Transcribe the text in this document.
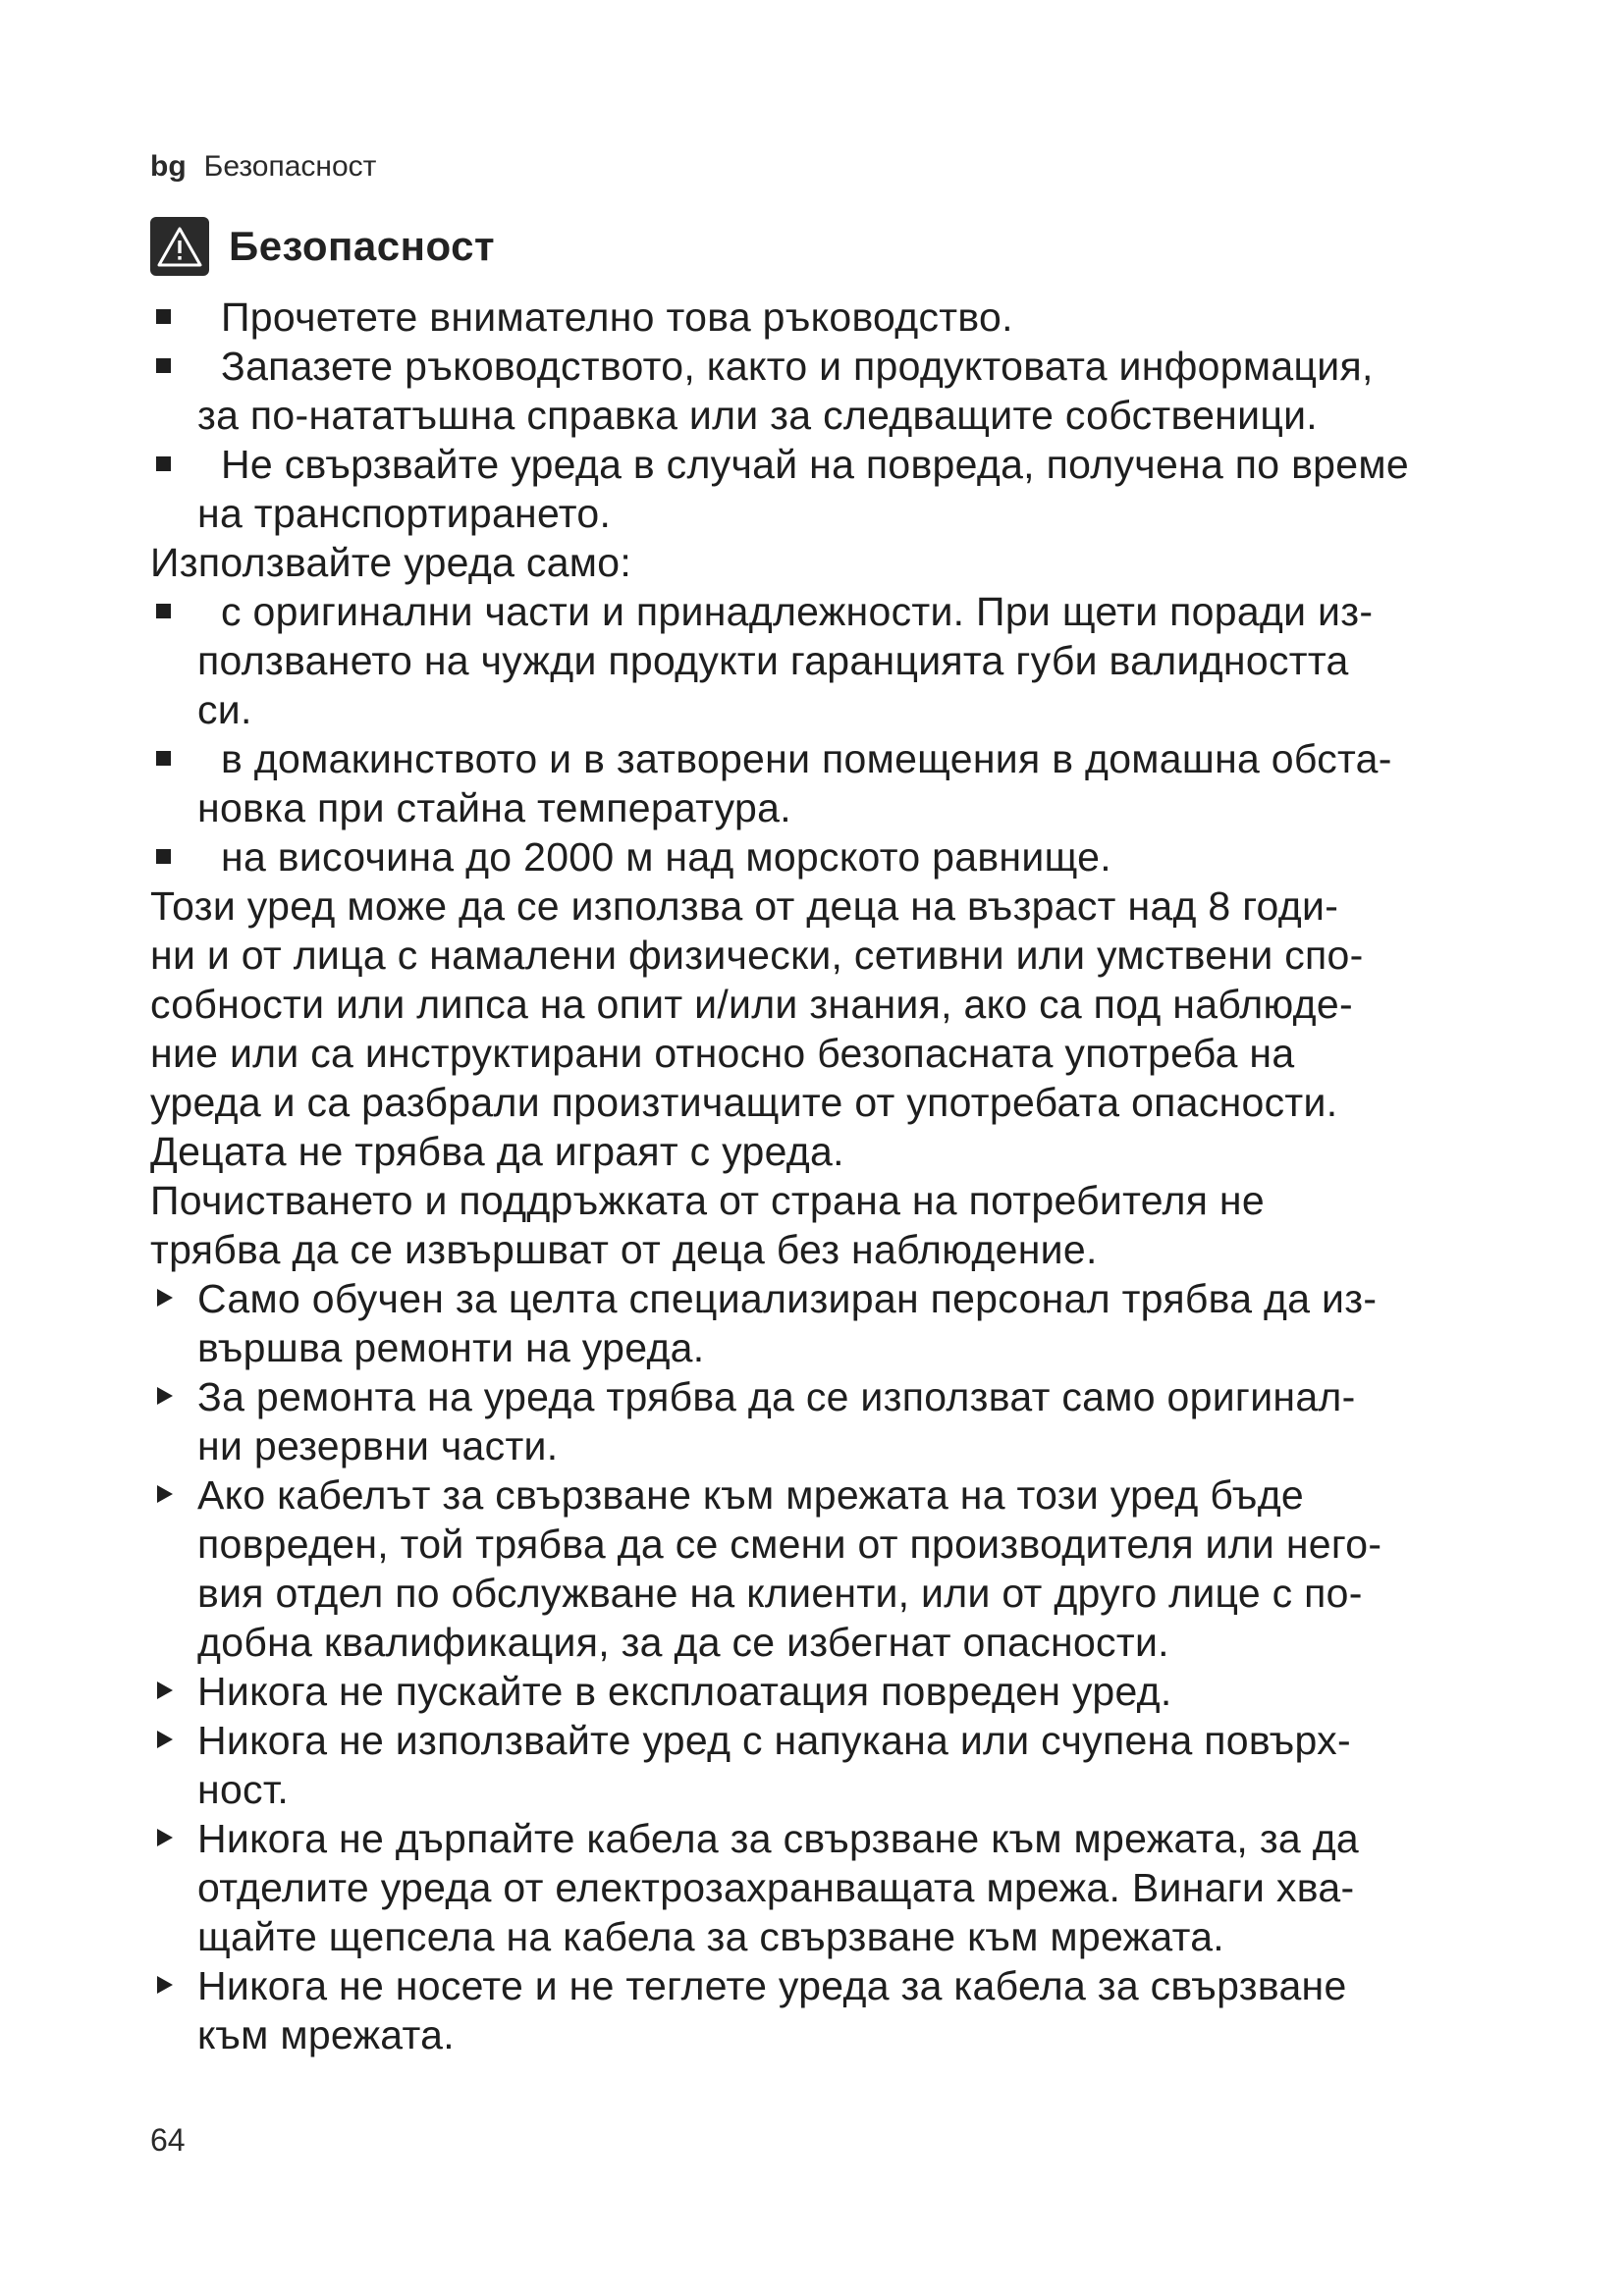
bg Безопасност
Безопасност
Прочетете внимателно това ръководство.
Запазете ръководството, както и продуктовата информация,
за по-нататъшна справка или за следващите собственици.
Не свързвайте уреда в случай на повреда, получена по време
на транспортирането.
Използвайте уреда само:
с оригинални части и принадлежности. При щети поради из-
ползването на чужди продукти гаранцията губи валидността
си.
в домакинството и в затворени помещения в домашна обста-
новка при стайна температура.
на височина до 2000 м над морското равнище.
Този уред може да се използва от деца на възраст над 8 годи-
ни и от лица с намалени физически, сетивни или умствени спо-
собности или липса на опит и/или знания, ако са под наблюде-
ние или са инструктирани относно безопасната употреба на
уреда и са разбрали произтичащите от употребата опасности.
Децата не трябва да играят с уреда.
Почистването и поддръжката от страна на потребителя не
трябва да се извършват от деца без наблюдение.
Само обучен за целта специализиран персонал трябва да из-
вършва ремонти на уреда.
За ремонта на уреда трябва да се използват само оригинал-
ни резервни части.
Ако кабелът за свързване към мрежата на този уред бъде
повреден, той трябва да се смени от производителя или него-
вия отдел по обслужване на клиенти, или от друго лице с по-
добна квалификация, за да се избегнат опасности.
Никога не пускайте в експлоатация повреден уред.
Никога не използвайте уред с напукана или счупена повърх-
ност.
Никога не дърпайте кабела за свързване към мрежата, за да
отделите уреда от електрозахранващата мрежа. Винаги хва-
щайте щепсела на кабела за свързване към мрежата.
Никога не носете и не теглете уреда за кабела за свързване
към мрежата.
64
